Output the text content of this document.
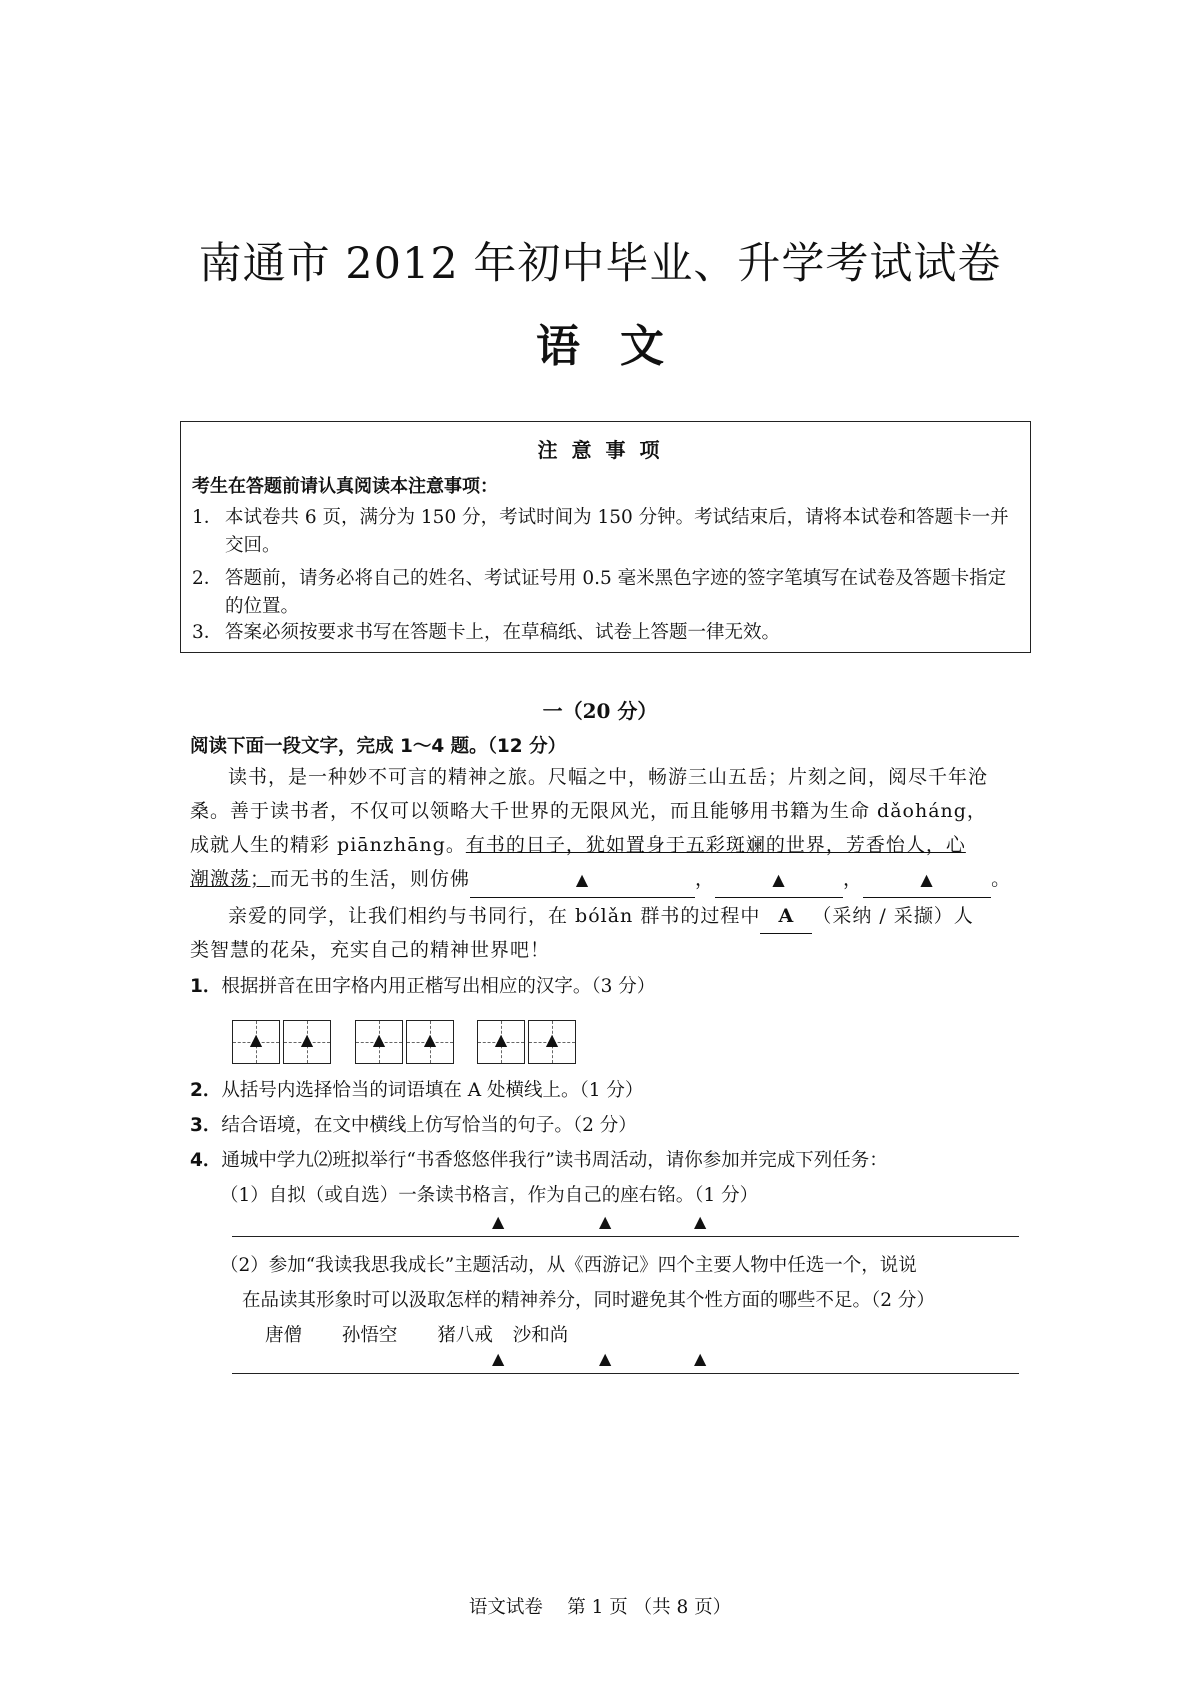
南通市 2012 年初中毕业、升学考试试卷
语文
注意事项
考生在答题前请认真阅读本注意事项：
1． 本试卷共 6 页，满分为 150 分，考试时间为 150 分钟。考试结束后，请将本试卷和答题卡一并交回。
2． 答题前，请务必将自己的姓名、考试证号用 0.5 毫米黑色字迹的签字笔填写在试卷及答题卡指定的位置。
3． 答案必须按要求书写在答题卡上，在草稿纸、试卷上答题一律无效。
一（20 分）
阅读下面一段文字，完成 1～4 题。（12 分）
读书，是一种妙不可言的精神之旅。尺幅之中，畅游三山五岳；片刻之间，阅尽千年沧
桑。善于读书者，不仅可以领略大千世界的无限风光，而且能够用书籍为生命 dǎoháng，
成就人生的精彩 piānzhāng。有书的日子，犹如置身于五彩斑斓的世界，芳香怡人，心
潮激荡；而无书的生活，则仿佛	▲	，	▲	，	▲	。
亲爱的同学，让我们相约与书同行，在 bólǎn 群书的过程中 A （采纳 / 采撷）人
类智慧的花朵，充实自己的精神世界吧！
1．根据拼音在田字格内用正楷写出相应的汉字。（3 分）
▲	▲	▲	▲	▲	▲
2．从括号内选择恰当的词语填在 A 处横线上。（1 分）
3．结合语境，在文中横线上仿写恰当的句子。（2 分）
4．通城中学九⑵班拟举行“书香悠悠伴我行”读书周活动，请你参加并完成下列任务：
（1）自拟（或自选）一条读书格言，作为自己的座右铭。（1 分）
▲	▲	▲
（2）参加“我读我思我成长”主题活动，从《西游记》四个主要人物中任选一个，说说
在品读其形象时可以汲取怎样的精神养分，同时避免其个性方面的哪些不足。（2 分）
唐僧 孙悟空 猪八戒 沙和尚
▲	▲	▲
语文试卷　 第 1 页 （共 8 页）
